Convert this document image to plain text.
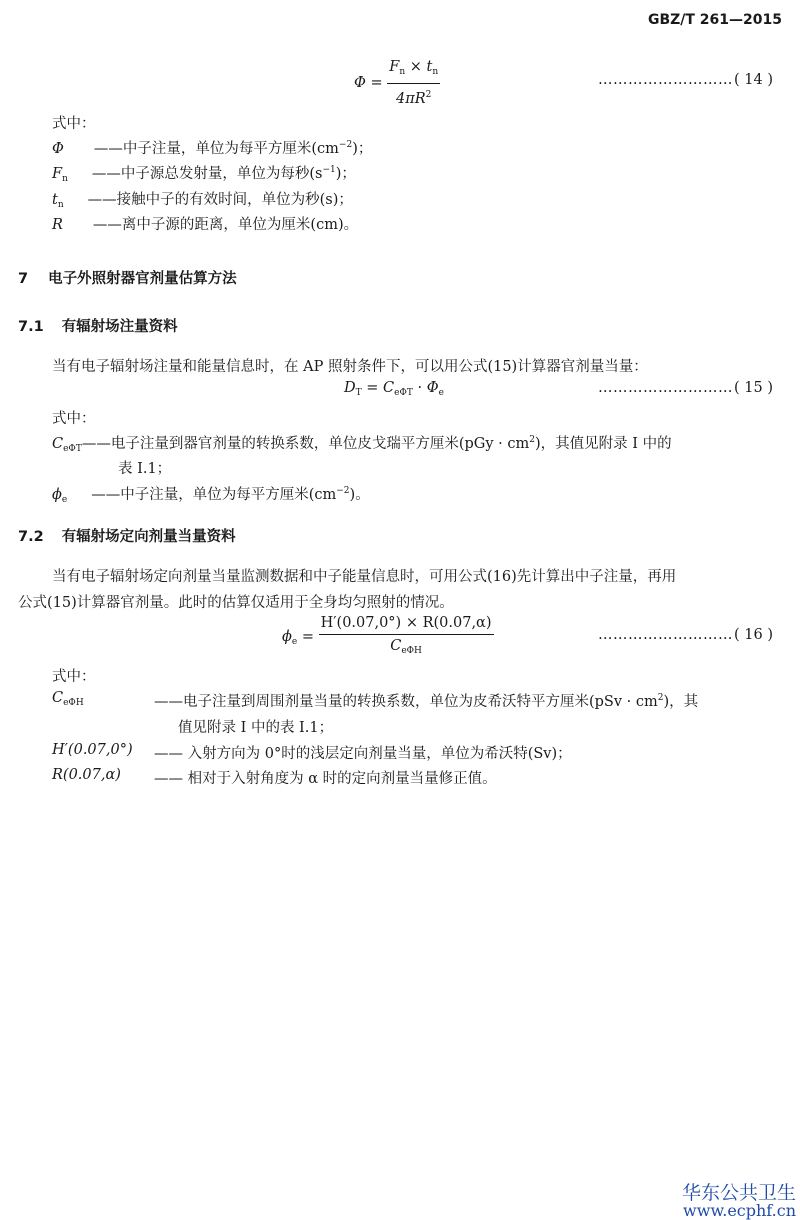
GBZ/T 261—2015
$\Phi = \frac{F_n \times t_n}{4\pi R^2}$	……………………… ( 14 )
式中：
Φ ——中子注量，单位为每平方厘米$(cm^{-2})$；
$F_n$ ——中子源总发射量，单位为每秒$(s^{-1})$；
$t_n$ ——接触中子的有效时间，单位为秒(s)；
R ——离中子源的距离，单位为厘米(cm)。
7 电子外照射器官剂量估算方法
7.1 有辐射场注量资料
当有电子辐射场注量和能量信息时，在 AP 照射条件下，可以用公式(15)计算器官剂量当量：
$D_T = C_{e\Phi T} \cdot \Phi_e$	……………………… ( 15 )
式中：
$C_{e\Phi T}——$电子注量到器官剂量的转换系数，单位皮戈瑞平方厘米$(pGy \cdot cm^2)$，其值见附录 I 中的
表 I.1；
$\phi_e$ ——中子注量，单位为每平方厘米$(cm^{-2})$。
7.2 有辐射场定向剂量当量资料
当有电子辐射场定向剂量当量监测数据和中子能量信息时，可用公式(16)先计算出中子注量，再用
公式(15)计算器官剂量。此时的估算仅适用于全身均匀照射的情况。
$\phi_e = \frac{H'(0.07,0^\circ) \times R(0.07,\alpha)}{C_{e\Phi H}}$	……………………… ( 16 )
式中：
$C_{e\Phi H}$	——电子注量到周围剂量当量的转换系数，单位为皮希沃特平方厘米$(pSv \cdot cm^2)$，其
值见附录 I 中的表 I.1；
H′(0.07,0°) —— 入射方向为 0°时的浅层定向剂量当量，单位为希沃特(Sv)；
R(0.07,α) —— 相对于入射角度为 α 时的定向剂量当量修正值。
华东公共卫生
www.ecphf.cn
